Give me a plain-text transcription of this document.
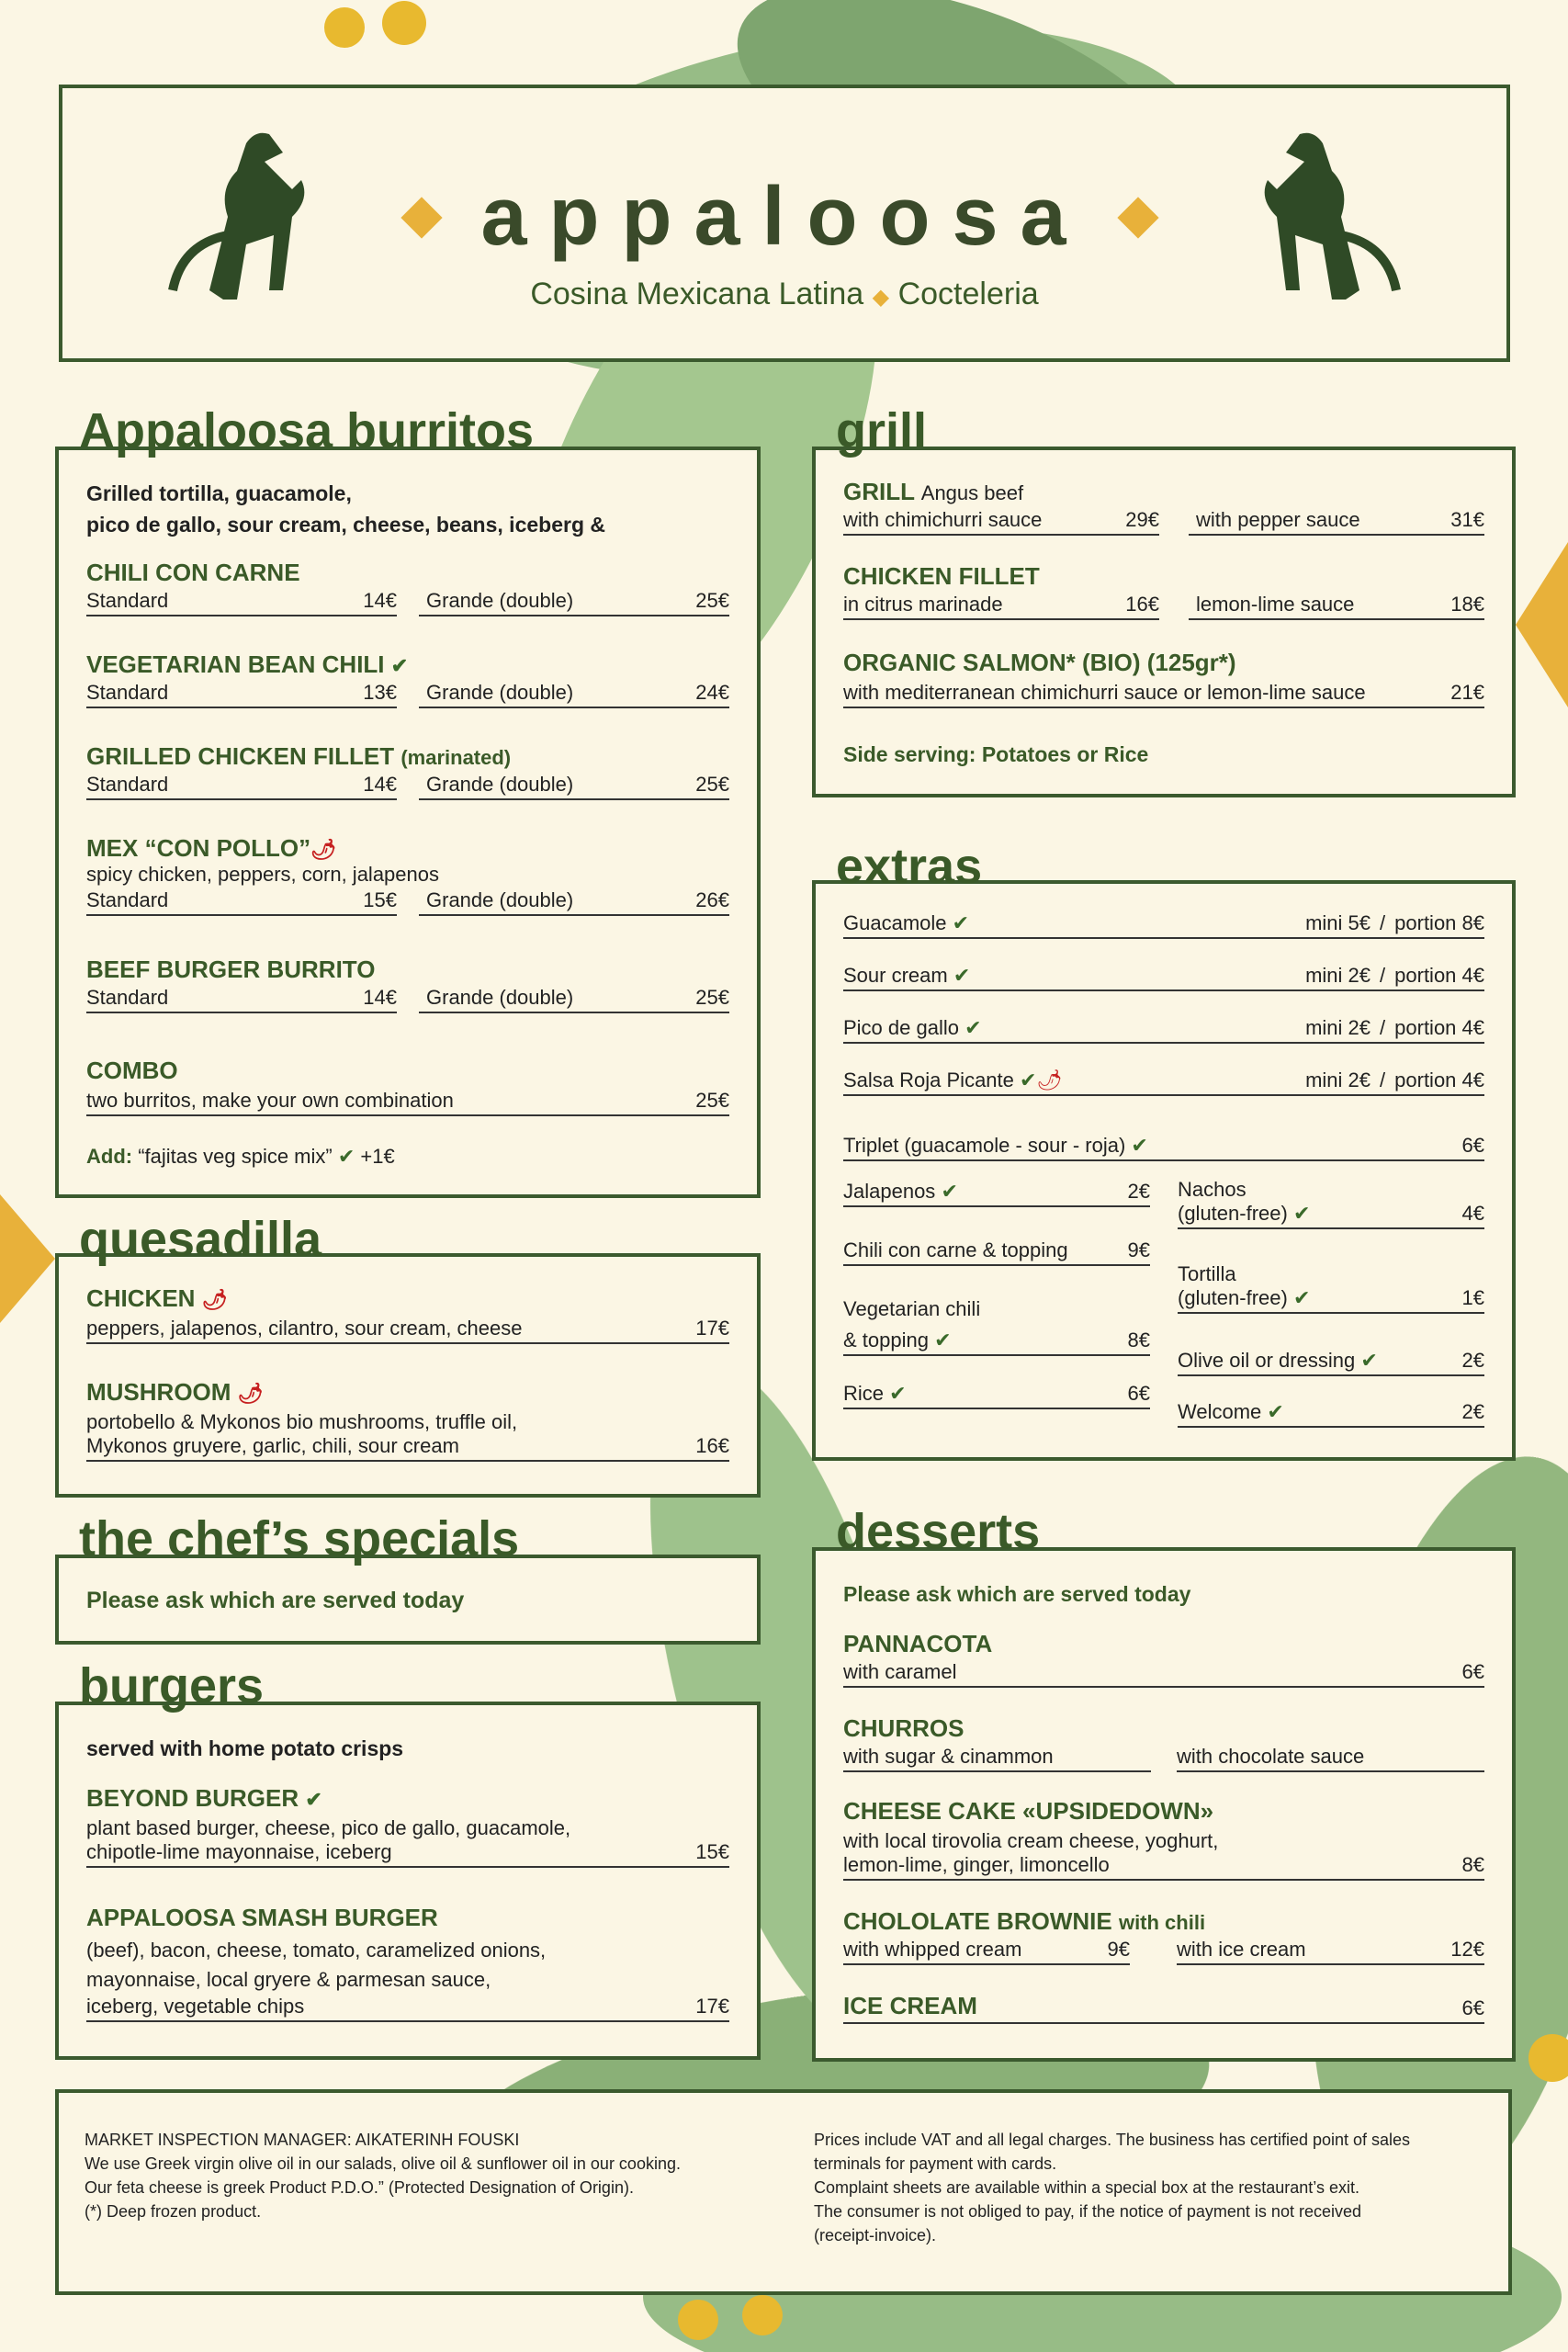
appaloosa
Cosina Mexicana Latina ◆ Cocteleria
Appaloosa burritos
Grilled tortilla, guacamole,
pico de gallo, sour cream, cheese, beans, iceberg &
CHILI CON CARNE
Standard	14€ Grande (double)	25€
VEGETARIAN BEAN CHILI ✔
Standard	13€ Grande (double)	24€
GRILLED CHICKEN FILLET (marinated)
Standard	14€ Grande (double)	25€
MEX “CON POLLO”🌶
spicy chicken, peppers, corn, jalapenos
Standard	15€ Grande (double)	26€
BEEF BURGER BURRITO
Standard	14€ Grande (double)	25€
COMBO
two burritos, make your own combination	25€
Add: “fajitas veg spice mix” ✔ +1€
quesadilla
CHICKEN 🌶
peppers, jalapenos, cilantro, sour cream, cheese	17€
MUSHROOM 🌶
portobello & Mykonos bio mushrooms, truffle oil,
Mykonos gruyere, garlic, chili, sour cream	16€
the chef’s specials
Please ask which are served today
burgers
served with home potato crisps
BEYOND BURGER ✔
plant based burger, cheese, pico de gallo, guacamole,
chipotle-lime mayonnaise, iceberg	15€
APPALOOSA SMASH BURGER
(beef), bacon, cheese, tomato, caramelized onions,
mayonnaise, local gryere & parmesan sauce,
iceberg, vegetable chips	17€
grill
GRILL Angus beef
with chimichurri sauce	29€ with pepper sauce	31€
CHICKEN FILLET
in citrus marinade	16€ lemon-lime sauce	18€
ORGANIC SALMON* (BIO) (125gr*)
with mediterranean chimichurri sauce or lemon-lime sauce	21€
Side serving: Potatoes or Rice
extras
Guacamole ✔	mini 5€ / portion 8€
Sour cream ✔	mini 2€ / portion 4€
Pico de gallo ✔	mini 2€ / portion 4€
Salsa Roja Picante ✔🌶	mini 2€ / portion 4€
Triplet (guacamole - sour - roja) ✔	6€
Jalapenos ✔	2€
Chili con carne & topping	9€
Vegetarian chili
& topping ✔	8€
Rice ✔	6€
Nachos
(gluten-free) ✔	4€
Tortilla
(gluten-free) ✔	1€
Olive oil or dressing ✔	2€
Welcome ✔	2€
desserts
Please ask which are served today
PANNACOTA
with caramel	6€
CHURROS
with sugar & cinammon	with chocolate sauce
CHEESE CAKE «UPSIDEDOWN»
with local tirovolia cream cheese, yoghurt,
lemon-lime, ginger, limoncello	8€
CHOLOLATE BROWNIE with chili
with whipped cream	9€ with ice cream	12€
ICE CREAM	6€
MARKET INSPECTION MANAGER: AIKATERINH FOUSKI
We use Greek virgin olive oil in our salads, olive oil & sunflower oil in our cooking.
Our feta cheese is greek Product P.D.O.” (Protected Designation of Origin).
(*) Deep frozen product.
Prices include VAT and all legal charges. The business has certified point of sales
terminals for payment with cards.
Complaint sheets are available within a special box at the restaurant’s exit.
The consumer is not obliged to pay, if the notice of payment is not received
(receipt-invoice).
